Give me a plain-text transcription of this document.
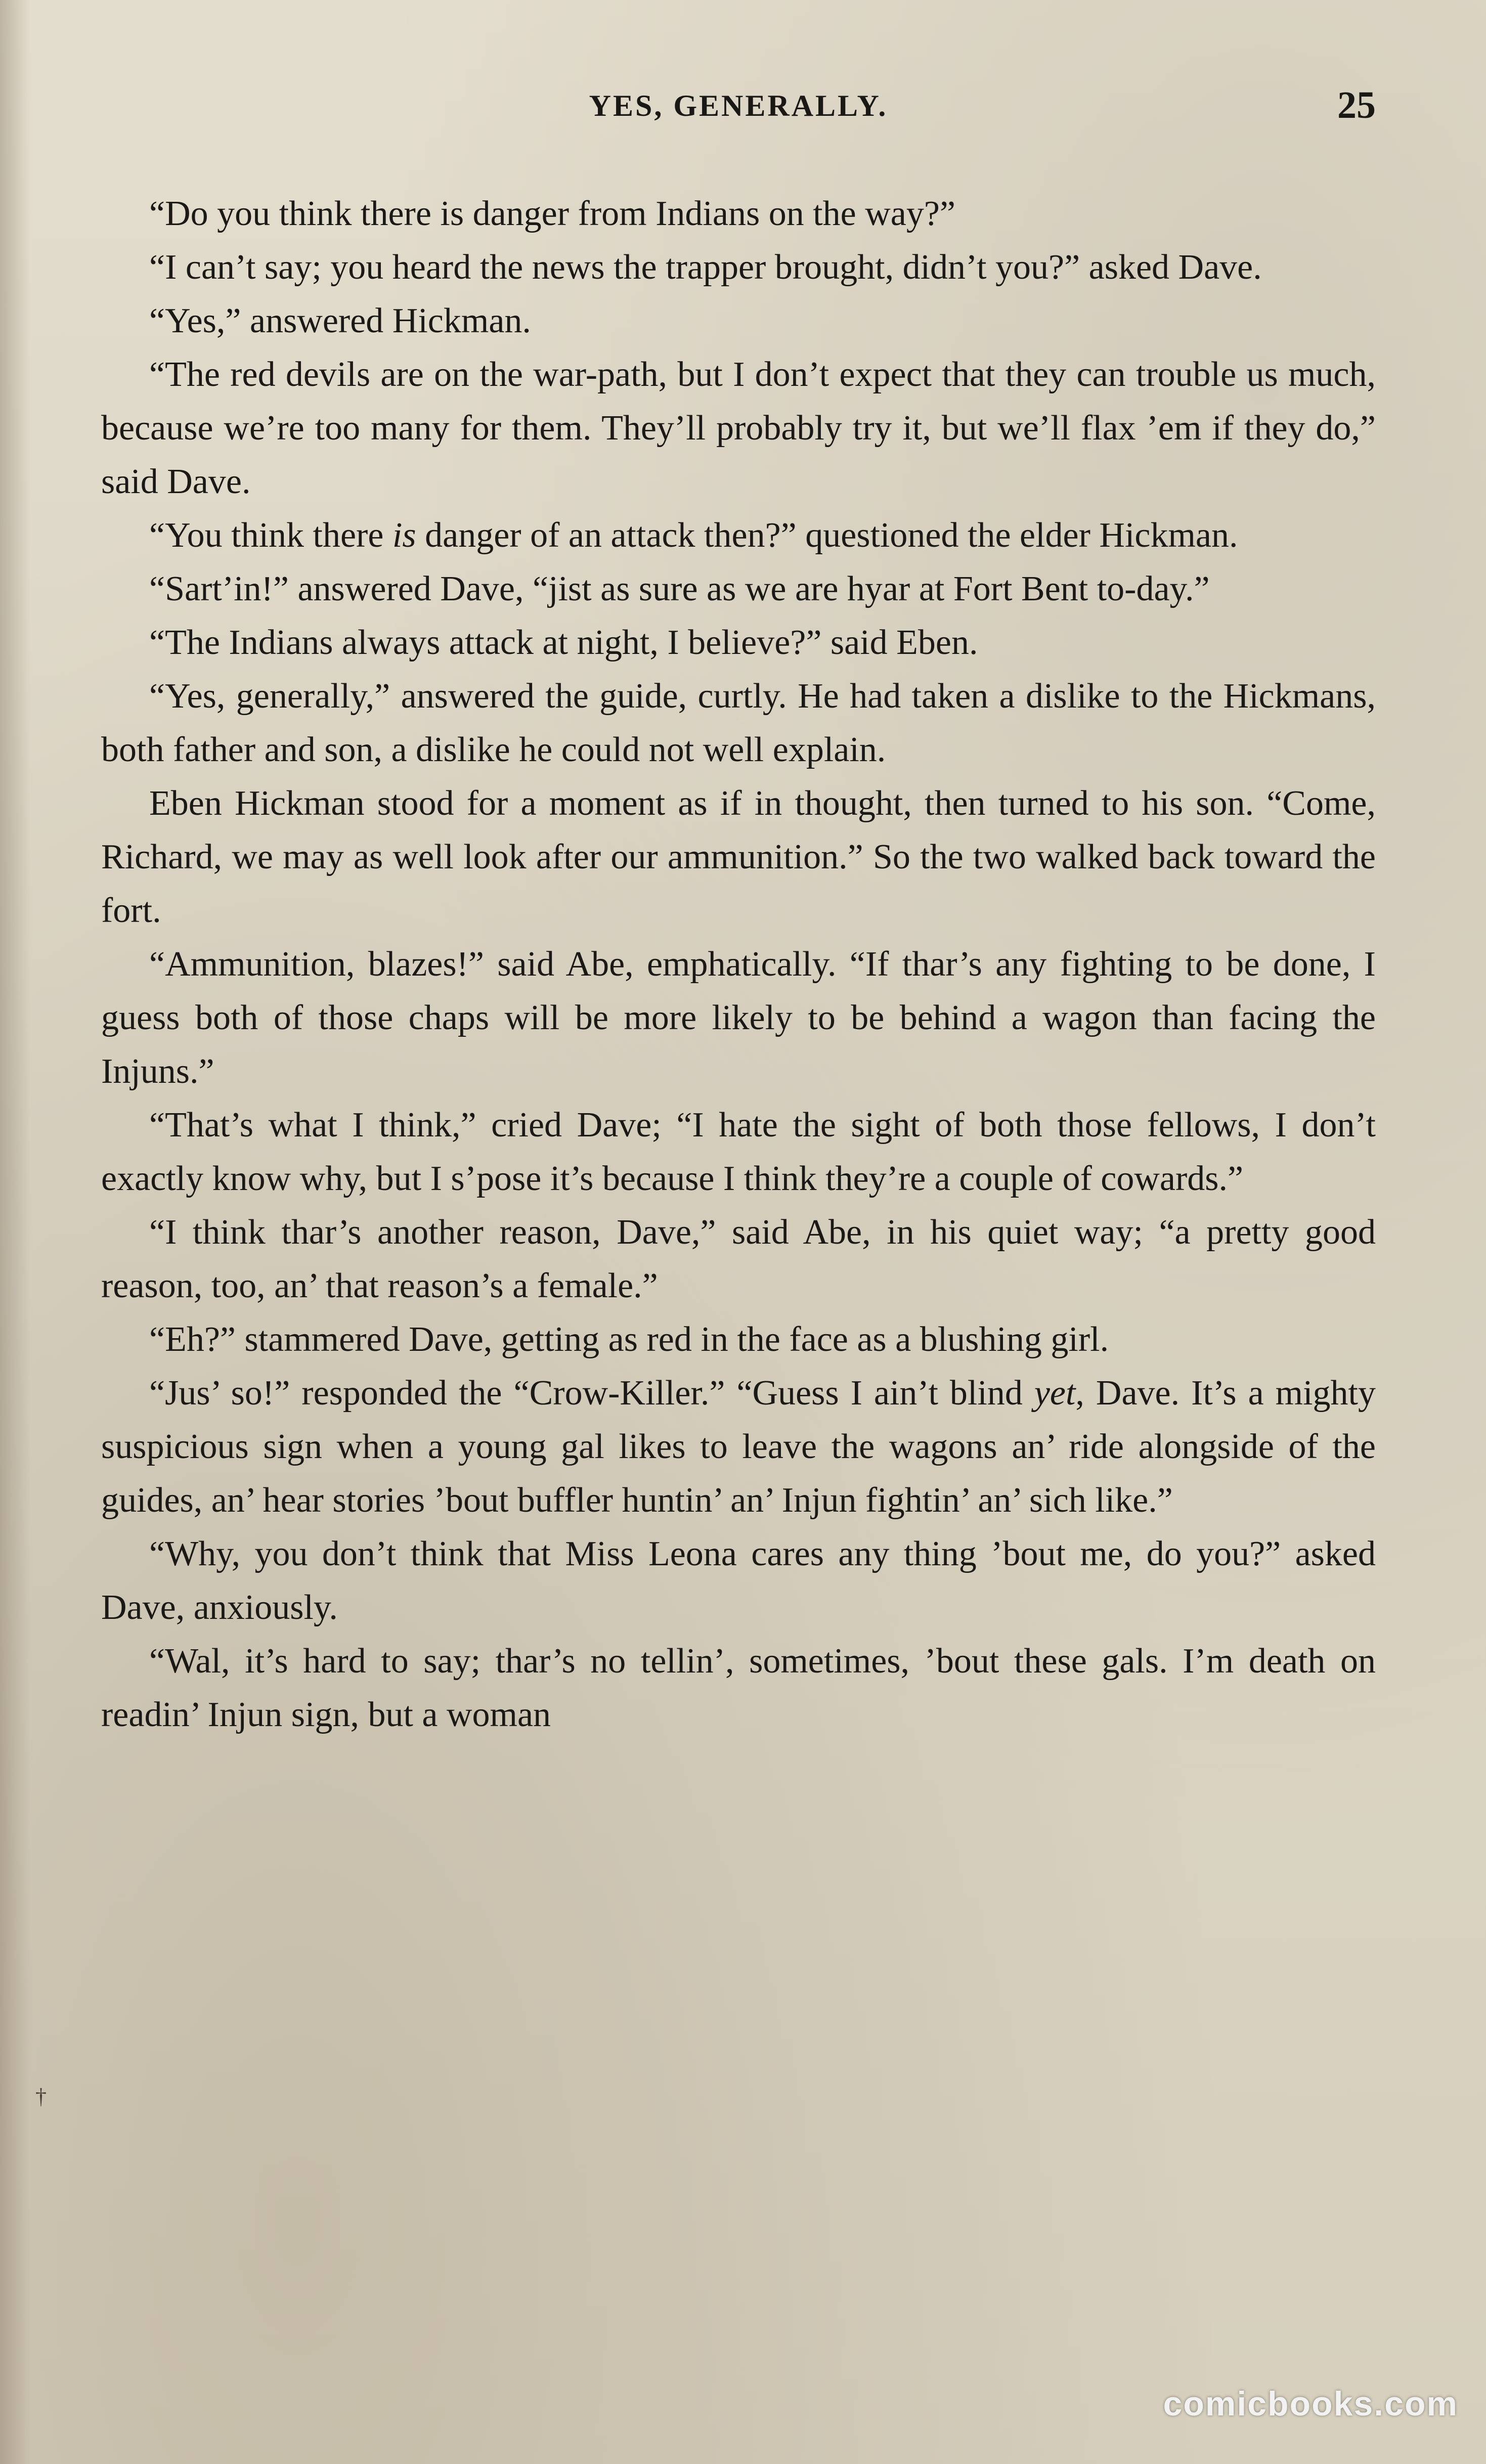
YES, GENERALLY.	25

“Do you think there is danger from Indians on the way?”

“I can’t say; you heard the news the trapper brought, didn’t you?” asked Dave.

“Yes,” answered Hickman.

“The red devils are on the war-path, but I don’t expect that they can trouble us much, because we’re too many for them. They’ll probably try it, but we’ll flax ’em if they do,” said Dave.

“You think there is danger of an attack then?” questioned the elder Hickman.

“Sart’in!” answered Dave, “jist as sure as we are hyar at Fort Bent to-day.”

“The Indians always attack at night, I believe?” said Eben.

“Yes, generally,” answered the guide, curtly. He had taken a dislike to the Hickmans, both father and son, a dislike he could not well explain.

Eben Hickman stood for a moment as if in thought, then turned to his son. “Come, Richard, we may as well look after our ammunition.” So the two walked back toward the fort.

“Ammunition, blazes!” said Abe, emphatically. “If thar’s any fighting to be done, I guess both of those chaps will be more likely to be behind a wagon than facing the Injuns.”

“That’s what I think,” cried Dave; “I hate the sight of both those fellows, I don’t exactly know why, but I s’pose it’s because I think they’re a couple of cowards.”

“I think thar’s another reason, Dave,” said Abe, in his quiet way; “a pretty good reason, too, an’ that reason’s a female.”

“Eh?” stammered Dave, getting as red in the face as a blushing girl.

“Jus’ so!” responded the “Crow-Killer.” “Guess I ain’t blind yet, Dave. It’s a mighty suspicious sign when a young gal likes to leave the wagons an’ ride alongside of the guides, an’ hear stories ’bout buffler huntin’ an’ Injun fightin’ an’ sich like.”

“Why, you don’t think that Miss Leona cares any thing ’bout me, do you?” asked Dave, anxiously.

“Wal, it’s hard to say; thar’s no tellin’, sometimes, ’bout these gals. I’m death on readin’ Injun sign, but a woman

†
comicbooks.com
